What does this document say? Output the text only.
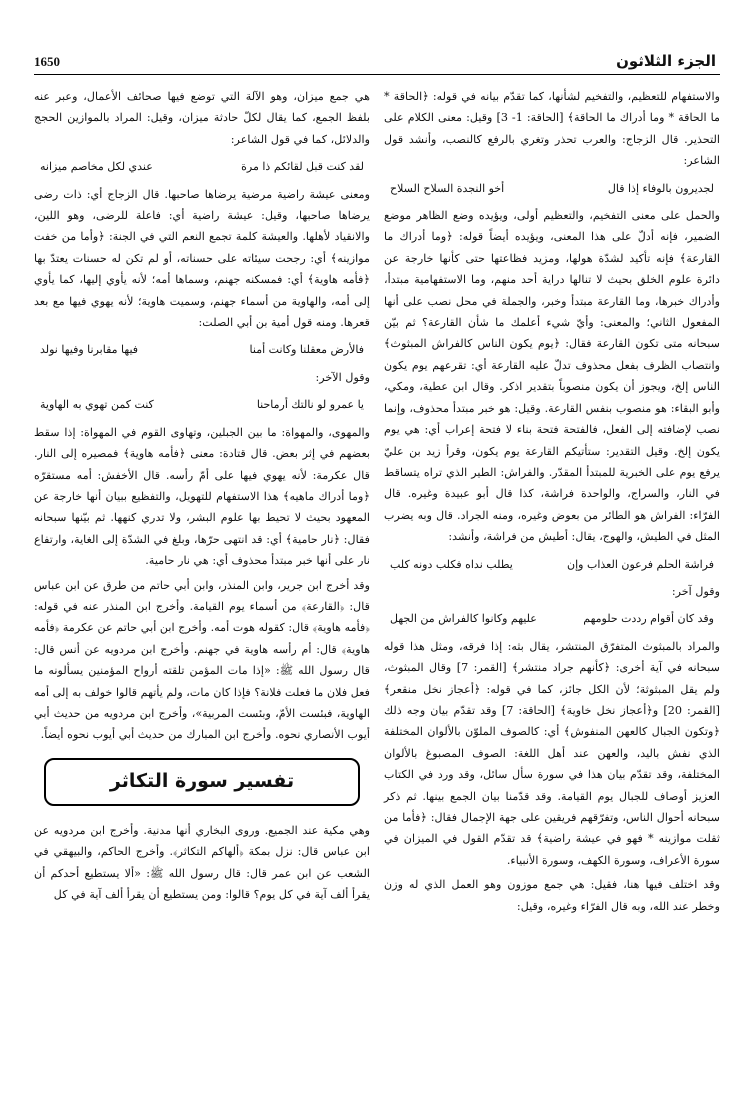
الجزء الثلاثون
1650

والاستفهام للتعظيم، والتفخيم لشأنها، كما تقدّم بيانه في قوله: ﴿الحاقة * ما الحاقة * وما أدراك ما الحاقة﴾ [الحاقة: 1- 3] وقيل: معنى الكلام على التحذير. قال الزجاج: والعرب تحذر وتغري بالرفع كالنصب، وأنشد قول الشاعر:

لجديرون بالوفاء إذا قال
أخو النجدة السلاح السلاح

والحمل على معنى التفخيم، والتعظيم أولى، ويؤيده وضع الظاهر موضع الضمير، فإنه أدلّ على هذا المعنى، ويؤيده أيضاً قوله: ﴿وما أدراك ما القارعة﴾ فإنه تأكيد لشدّة هولها، ومزيد فظاعتها حتى كأنها خارجة عن دائرة علوم الخلق بحيث لا تنالها دراية أحد منهم، وما الاستفهامية مبتدأ، وأدراك خبرها، وما القارعة مبتدأ وخبر، والجملة في محل نصب على أنها المفعول الثاني؛ والمعنى: وأيّ شيء أعلمك ما شأن القارعة؟ ثم بيّن سبحانه متى تكون القارعة فقال: ﴿يوم يكون الناس كالفراش المبثوث﴾ وانتصاب الظرف بفعل محذوف تدلّ عليه القارعة أي: تقرعهم يوم يكون الناس إلخ، ويجوز أن يكون منصوباً بتقدير اذكر. وقال ابن عطية، ومكي، وأبو البقاء: هو منصوب بنفس القارعة. وقيل: هو خبر مبتدأ محذوف، وإنما نصب لإضافته إلى الفعل، فالفتحة فتحة بناء لا فتحة إعراب أي: هي يوم يكون إلخ. وقيل التقدير: ستأتيكم القارعة يوم يكون، وقرأ زيد بن عليّ يرفع يوم على الخبرية للمبتدأ المقدّر. والفراش: الطير الذي تراه يتساقط في النار، والسراج، والواحدة فراشة، كذا قال أبو عبيدة وغيره. قال الفرّاء: الفراش هو الطائر من بعوض وغيره، ومنه الجراد. قال وبه يضرب المثل في الطيش، والهوج، يقال: أطيش من فراشة، وأنشد:

فراشة الحلم فرعون العذاب وإن
يطلب نداه فكلب دونه كلب

وقول آخر:

وقد كان أقوام رددت حلومهم
عليهم وكانوا كالفراش من الجهل

والمراد بالمبثوث المتفرّق المنتشر، يقال بثه: إذا فرقه، ومثل هذا قوله سبحانه في آية أخرى: ﴿كأنهم جراد منتشر﴾ [القمر: 7] وقال المبثوث، ولم يقل المبثوثة؛ لأن الكل جائز، كما في قوله: ﴿أعجاز نخل منقعر﴾ [القمر: 20] و﴿أعجاز نخل خاوية﴾ [الحاقة: 7] وقد تقدّم بيان وجه ذلك ﴿وتكون الجبال كالعهن المنفوش﴾ أي: كالصوف الملوّن بالألوان المختلفة الذي نفش باليد، والعهن عند أهل اللغة: الصوف المصبوغ بالألوان المختلفة، وقد تقدّم بيان هذا في سورة سأل سائل، وقد ورد في الكتاب العزيز أوصاف للجبال يوم القيامة. وقد قدّمنا بيان الجمع بينها. ثم ذكر سبحانه أحوال الناس، وتفرّقهم فريقين على جهة الإجمال فقال: ﴿فأما من ثقلت موازينه * فهو في عيشة راضية﴾ قد تقدّم القول في الميزان في سورة الأعراف، وسورة الكهف، وسورة الأنبياء.

وقد اختلف فيها هنا، فقيل: هي جمع موزون وهو العمل الذي له وزن وخطر عند الله، وبه قال الفرّاء وغيره، وقيل:

هي جمع ميزان، وهو الآلة التي توضع فيها صحائف الأعمال، وعبر عنه بلفظ الجمع، كما يقال لكلّ حادثة ميزان، وقيل: المراد بالموازين الحجج والدلائل، كما في قول الشاعر:

لقد كنت قبل لقائكم ذا مرة
عندي لكل مخاصم ميزانه

ومعنى عيشة راضية مرضية يرضاها صاحبها. قال الزجاج أي: ذات رضى يرضاها صاحبها، وقيل: عيشة راضية أي: فاعلة للرضى، وهو اللين، والانقياد لأهلها. والعيشة كلمة تجمع النعم التي في الجنة: ﴿وأما من خفت موازينه﴾ أي: رجحت سيئاته على حسناته، أو لم تكن له حسنات يعتدّ بها ﴿فأمه هاوية﴾ أي: فمسكنه جهنم، وسماها أمه؛ لأنه يأوي إليها، كما يأوي إلى أمه، والهاوية من أسماء جهنم، وسميت هاوية؛ لأنه يهوي فيها مع بعد قعرها. ومنه قول أمية بن أبي الصلت:

فالأرض معقلنا وكانت أمنا
فيها مقابرنا وفيها نولد

وقول الآخر:

يا عمرو لو نالتك أرماحنا
كنت كمن تهوي به الهاوية

والمهوى، والمهواة: ما بين الجبلين، وتهاوى القوم في المهواة: إذا سقط بعضهم في إثر بعض. قال قتادة: معنى ﴿فأمه هاوية﴾ فمصيره إلى النار. قال عكرمة: لأنه يهوي فيها على أمّ رأسه. قال الأخفش: أمه مستقرّه ﴿وما أدراك ماهيه﴾ هذا الاستفهام للتهويل، والتفظيع ببيان أنها خارجة عن المعهود بحيث لا تحيط بها علوم البشر، ولا تدري كنهها. ثم بيّنها سبحانه فقال: ﴿نار حامية﴾ أي: قد انتهى حرّها، وبلغ في الشدّة إلى الغاية، وارتفاع نار على أنها خبر مبتدأ محذوف أي: هي نار حامية.

وقد أخرج ابن جرير، وابن المنذر، وابن أبي حاتم من طرق عن ابن عباس قال: ﴿القارعة﴾ من أسماء يوم القيامة. وأخرج ابن المنذر عنه في قوله: ﴿فأمه هاوية﴾ قال: كقوله هوت أمه. وأخرج ابن أبي حاتم عن عكرمة ﴿فأمه هاوية﴾ قال: أم رأسه هاوية في جهنم. وأخرج ابن مردويه عن أنس قال: قال رسول الله ﷺ: «إذا مات المؤمن تلقته أرواح المؤمنين يسألونه ما فعل فلان ما فعلت فلانة؟ فإذا كان مات، ولم يأتهم قالوا خولف به إلى أمه الهاوية، فبئست الأمّ، وبئست المربية»، وأخرج ابن مردويه من حديث أبي أيوب الأنصاري نحوه. وأخرج ابن المبارك من حديث أبي أيوب نحوه أيضاً.

تفسير سورة التكاثر

وهي مكية عند الجميع. وروى البخاري أنها مدنية. وأخرج ابن مردويه عن ابن عباس قال: نزل بمكة ﴿ألهاكم التكاثر﴾. وأخرج الحاكم، والبيهقي في الشعب عن ابن عمر قال: قال رسول الله ﷺ: «ألا يستطيع أحدكم أن يقرأ ألف آية في كل يوم؟ قالوا: ومن يستطيع أن يقرأ ألف آية في كل
